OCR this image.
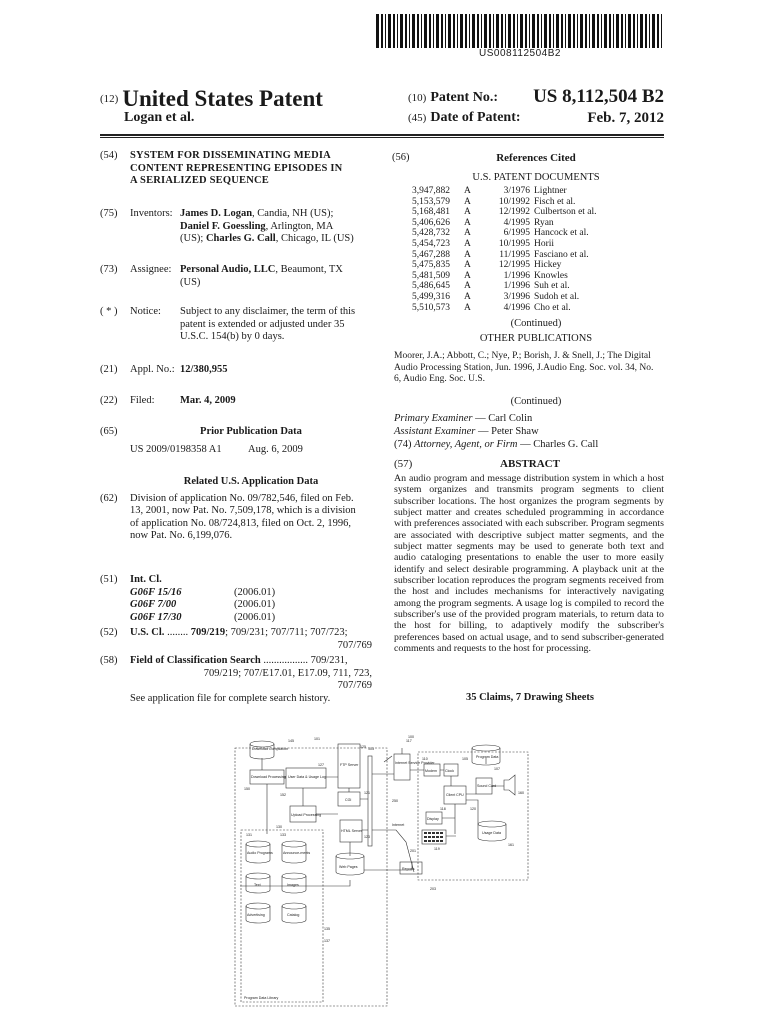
US008112504B2
(12) United States Patent
Logan et al.
(10) Patent No.: US 8,112,504 B2
(45) Date of Patent:	Feb. 7, 2012
(54)	SYSTEM FOR DISSEMINATING MEDIA CONTENT REPRESENTING EPISODES IN A SERIALIZED SEQUENCE
(75)	Inventors: James D. Logan, Candia, NH (US);
Daniel F. Goessling, Arlington, MA
(US); Charles G. Call, Chicago, IL (US)
(73)	Assignee: Personal Audio, LLC, Beaumont, TX
(US)
( * )	Notice: Subject to any disclaimer, the term of this
patent is extended or adjusted under 35
U.S.C. 154(b) by 0 days.
(21)	Appl. No.: 12/380,955
(22)	Filed: Mar. 4, 2009
(65)	Prior Publication Data
US 2009/0198358 A1	Aug. 6, 2009
Related U.S. Application Data
(62)	Division of application No. 09/782,546, filed on Feb.
13, 2001, now Pat. No. 7,509,178, which is a division
of application No. 08/724,813, filed on Oct. 2, 1996,
now Pat. No. 6,199,076.
(51)	Int. Cl.
G06F 15/16	(2006.01)
G06F 7/00	(2006.01)
G06F 17/30	(2006.01)
(52)	U.S. Cl. ........ 709/219; 709/231; 707/711; 707/723;
707/769
(58)	Field of Classification Search ................. 709/231,
709/219; 707/E17.01, E17.09, 711, 723,
707/769
See application file for complete search history.
(56)	References Cited
U.S. PATENT DOCUMENTS
3,947,882	A	3/1976	Lightner
5,153,579	A	10/1992	Fisch et al.
5,168,481	A	12/1992	Culbertson et al.
5,406,626	A	4/1995	Ryan
5,428,732	A	6/1995	Hancock et al.
5,454,723	A	10/1995	Horii
5,467,288	A	11/1995	Fasciano et al.
5,475,835	A	12/1995	Hickey
5,481,509	A	1/1996	Knowles
5,486,645	A	1/1996	Suh et al.
5,499,316	A	3/1996	Sudoh et al.
5,510,573	A	4/1996	Cho et al.
(Continued)
OTHER PUBLICATIONS
Moorer, J.A.; Abbott, C.; Nye, P.; Borish, J. & Snell, J.; The Digital
Audio Processing Station, Jun. 1996, J.Audio Eng. Soc. vol. 34, No.
6, Audio Eng. Soc. U.S.
(Continued)
Primary Examiner — Carl Colin
Assistant Examiner — Peter Shaw
(74) Attorney, Agent, or Firm — Charles G. Call
(57)	ABSTRACT
An audio program and message distribution system in which a host system organizes and transmits program segments to client subscriber locations. The host organizes the program segments by subject matter and creates scheduled programming in accordance with preferences associated with each subscriber. Program segments are associated with descriptive subject matter segments, and the subject matter segments may be used to generate both text and audio cataloging presentations to enable the user to more easily identify and select desirable programming. A playback unit at the subscriber location reproduces the program segments received from the host and includes mechanisms for interactively navigating among the program segments. A usage log is compiled to record the subscriber's use of the provided program materials, to return data to the host for billing, to adaptively modify the subscriber's preferences based on actual usage, and to send subscriber-generated comments and requests to the host for processing.
35 Claims, 7 Drawing Sheets
Download Compilation
Download Processing User Data & Usage Log
FTP Server
CGI
Upload Processing
HTML Server
Web Pages	Reports
Audio Programs	Announce-ments
Text	Images
Advertising	Catalog
Program Data Library
Internet Service Provider
Internet
Modem Clock
Client CPU
Display
Sound Card
Usage Data
Program Data
145
125
127
152
150
130
121
123
131	133
135
137
117
100
110	105
107
160
118
119
120
161
201
203
101
103
250
